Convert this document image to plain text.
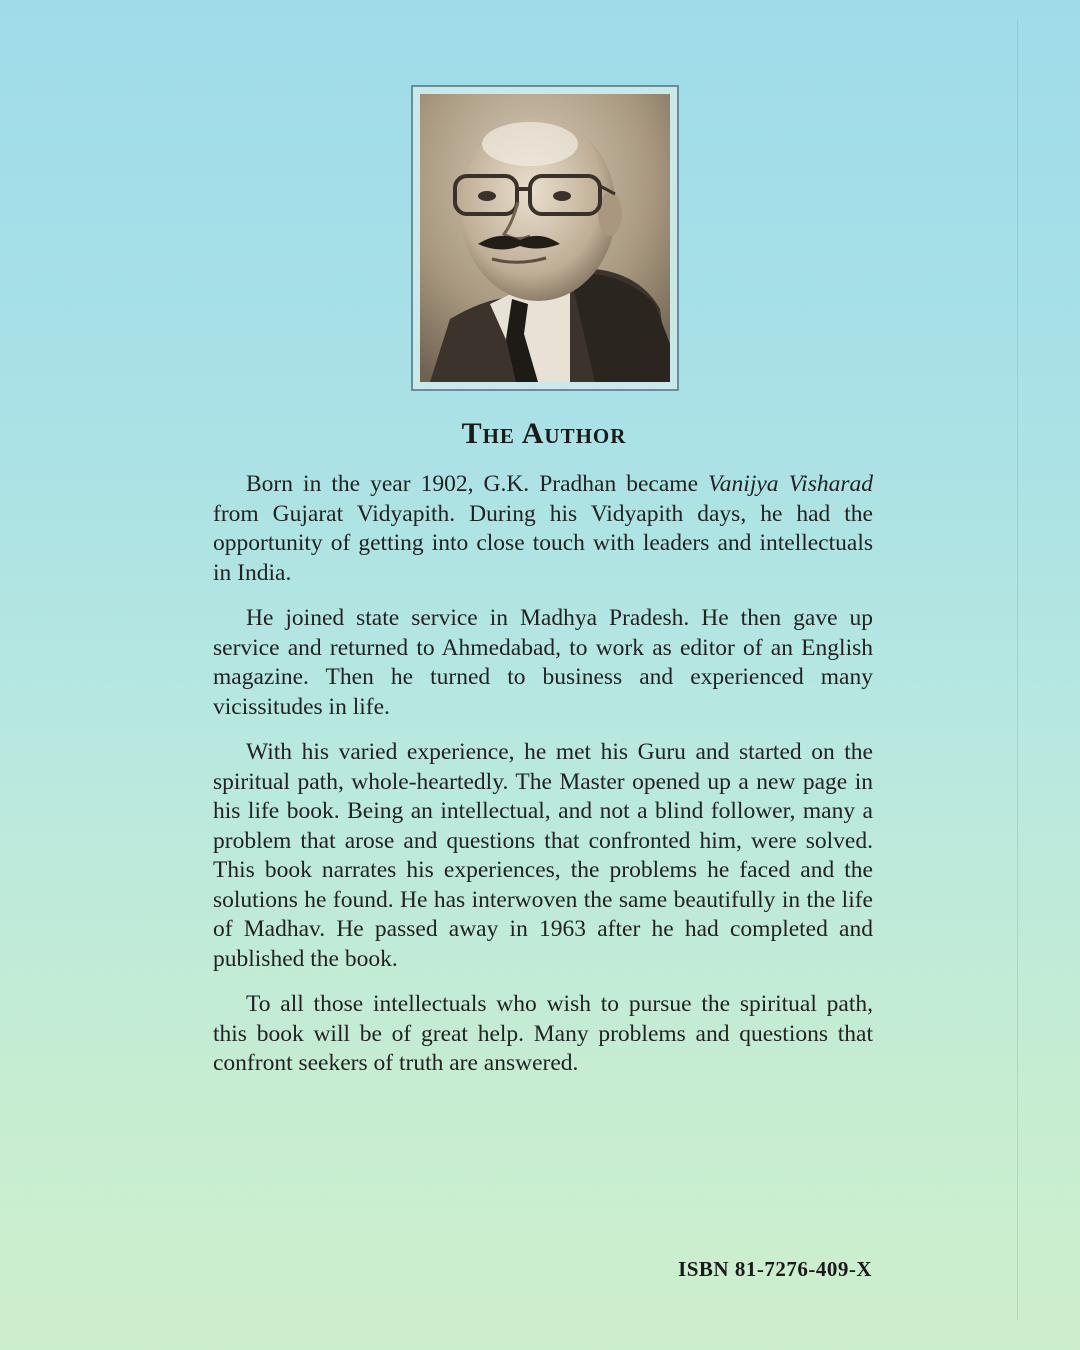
The Author

Born in the year 1902, G.K. Pradhan became Vanijya Visharad from Gujarat Vidyapith. During his Vidyapith days, he had the opportunity of getting into close touch with leaders and intellectuals in India.

He joined state service in Madhya Pradesh. He then gave up service and returned to Ahmedabad, to work as editor of an English magazine. Then he turned to business and experienced many vicissitudes in life.

With his varied experience, he met his Guru and started on the spiritual path, whole-heartedly. The Master opened up a new page in his life book. Being an intellectual, and not a blind follower, many a problem that arose and questions that confronted him, were solved. This book narrates his experiences, the problems he faced and the solutions he found. He has interwoven the same beautifully in the life of Madhav. He passed away in 1963 after he had completed and published the book.

To all those intellectuals who wish to pursue the spiritual path, this book will be of great help. Many problems and questions that confront seekers of truth are answered.

ISBN 81-7276-409-X
